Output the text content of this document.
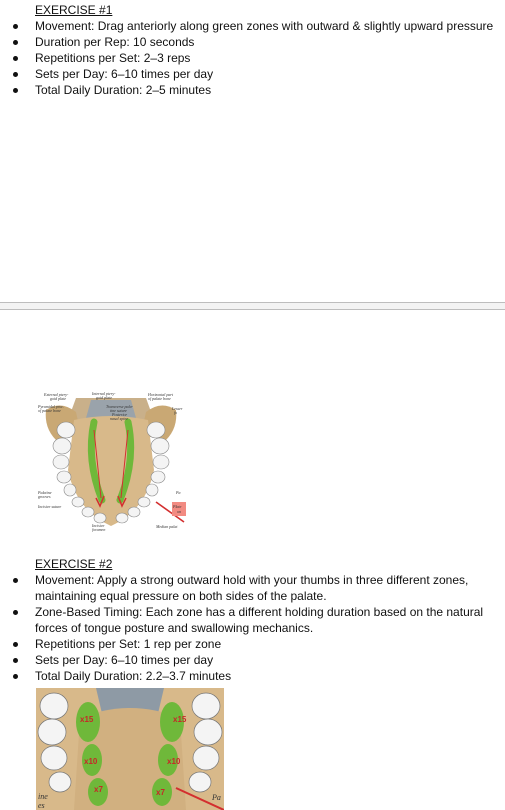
EXERCISE #1

Movement: Drag anteriorly along green zones with outward & slightly upward pressure
Duration per Rep: 10 seconds
Repetitions per Set: 2–3 reps
Sets per Day: 6–10 times per day
Total Daily Duration: 2–5 minutes
External ptery-
goid plate
Internal ptery-
goid plate
Horizontal part
of palate bone
Pyramidal proc.
of palate bone
Transverse pala-
tine suture
Posterior
nasal spine
Lesser
fo
Palatine
grooves
Incisive suture
Incisive
foramen
Median palat
Pa
Plate
on

EXERCISE #2

Movement: Apply a strong outward hold with your thumbs in three different zones, maintaining equal pressure on both sides of the palate.
Zone-Based Timing: Each zone has a different holding duration based on the natural forces of tongue posture and swallowing mechanics.
Repetitions per Set: 1 rep per zone
Sets per Day: 6–10 times per day
Total Daily Duration: 2.2–3.7 minutes
x15	x15
x10	x10
x7	x7
ine
es
Pa
